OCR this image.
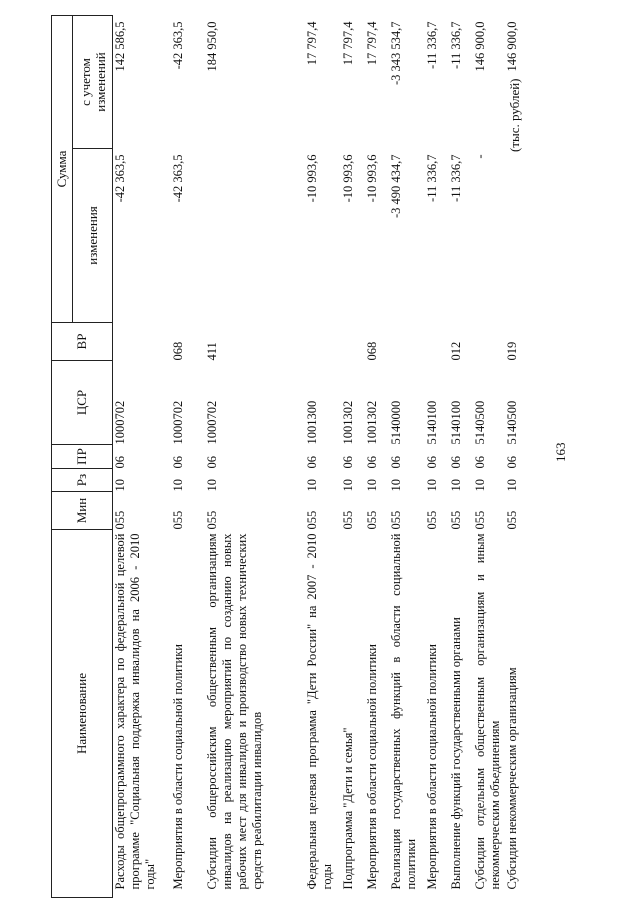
163
(тыс. рублей)
Наименование	Мин	Рз	ПР	ЦСР	ВР	Сумма	
						изменения	с учетом изменений
Расходы общепрограммного характера по федеральной целевой программе "Социальная поддержка инвалидов на 2006 - 2010 годы"	055	10	06	1000702		-42 363,5	142 586,5
Мероприятия в области социальной политики	055	10	06	1000702	068	-42 363,5	-42 363,5
Субсидии общероссийским общественным организациям инвалидов на реализацию мероприятий по созданию новых рабочих мест для инвалидов и производство новых технических средств реабилитации инвалидов	055	10	06	1000702	411		184 950,0
Федеральная целевая программа "Дети России" на 2007 - 2010 годы	055	10	06	1001300		-10 993,6	17 797,4
Подпрограмма "Дети и семья"	055	10	06	1001302		-10 993,6	17 797,4
Мероприятия в области социальной политики	055	10	06	1001302	068	-10 993,6	17 797,4
Реализация государственных функций в области социальной политики	055	10	06	5140000		-3 490 434,7	-3 343 534,7
Мероприятия в области социальной политики	055	10	06	5140100		-11 336,7	-11 336,7
Выполнение функций государственными органами	055	10	06	5140100	012	-11 336,7	-11 336,7
Субсидии отдельным общественным организациям и иным некоммерческим объединениям	055	10	06	5140500		-	146 900,0
Субсидии некоммерческим организациям	055	10	06	5140500	019		146 900,0
